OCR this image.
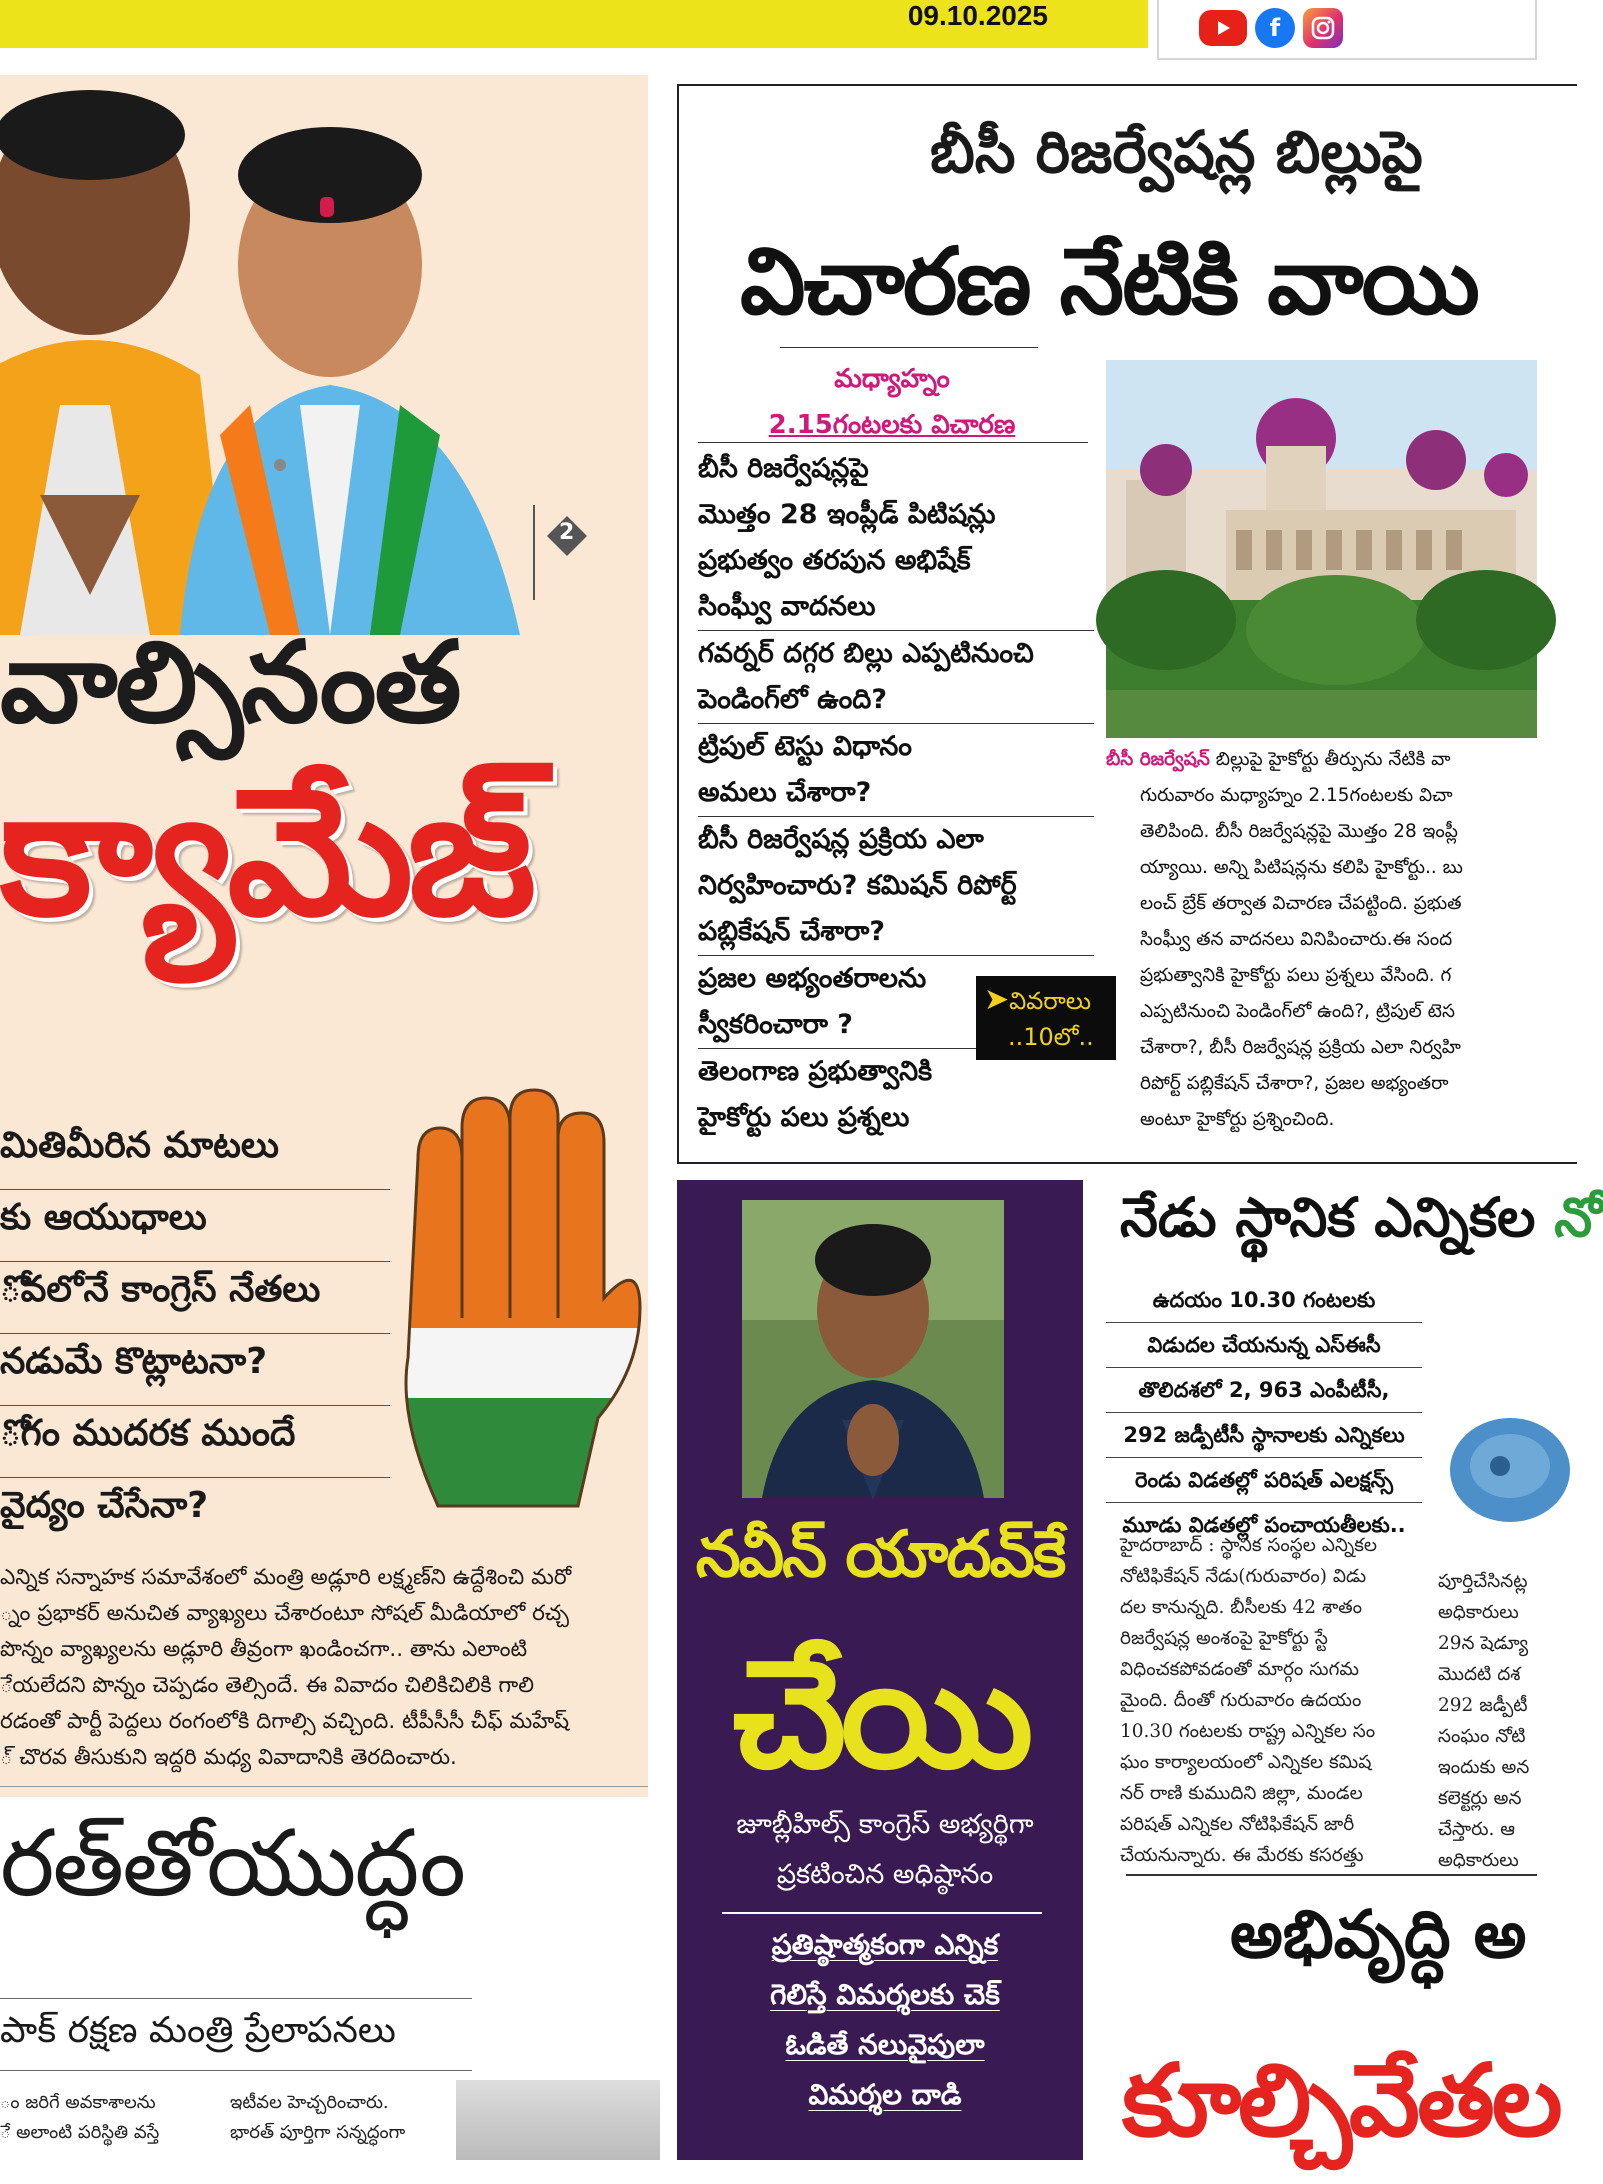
09.10.2025	f
2
వాల్సినంత
క్యామేజ్
మితిమీరిన మాటలు
కు ఆయుధాలు
ోవలోనే కాంగ్రెస్ నేతలు
నడుమే కొట్లాటనా?
ోగం ముదరక ముందే
వైద్యం చేసేనా?
ఎన్నిక సన్నాహక సమావేశంలో మంత్రి అడ్లూరి లక్ష్మణ్‌ని ఉద్దేశించి మరో
్నం ప్రభాకర్ అనుచిత వ్యాఖ్యలు చేశారంటూ సోషల్ మీడియాలో రచ్చ
పొన్నం వ్యాఖ్యలను అడ్లూరి తీవ్రంగా ఖండించగా.. తాను ఎలాంటి
ేయలేదని పొన్నం చెప్పడం తెల్సిందే. ఈ వివాదం చిలికిచిలికి గాలి
రడంతో పార్టీ పెద్దలు రంగంలోకి దిగాల్సి వచ్చింది. టీపీసీసీ చీఫ్ మహేష్
్ చొరవ తీసుకుని ఇద్దరి మధ్య వివాదానికి తెరదించారు.
రత్‌తోయుద్ధం
పాక్ రక్షణ మంత్రి ప్రేలాపనలు
ం జరిగే అవకాశాలను
ే అలాంటి పరిస్థితి వస్తే
ఇటీవల హెచ్చరించారు.
భారత్ పూర్తిగా సన్నద్ధంగా
బీసీ రిజర్వేషన్ల బిల్లుపై
విచారణ నేటికి వాయి
మధ్యాహ్నం
2.15గంటలకు విచారణ
బీసీ రిజర్వేషన్లపై
మొత్తం 28 ఇంప్లీడ్ పిటిషన్లు
ప్రభుత్వం తరపున అభిషేక్
సింఘ్వీ వాదనలు
గవర్నర్ దగ్గర బిల్లు ఎప్పటినుంచి
పెండింగ్‌లో ఉంది?
ట్రిపుల్ టెస్టు విధానం
అమలు చేశారా?
బీసీ రిజర్వేషన్ల ప్రక్రియ ఎలా
నిర్వహించారు? కమిషన్ రిపోర్ట్
పబ్లికేషన్ చేశారా?
ప్రజల అభ్యంతరాలను
స్వీకరించారా ?
తెలంగాణ ప్రభుత్వానికి
హైకోర్టు పలు ప్రశ్నలు
➤వివరాలు
..10లో..
బీసీ రిజర్వేషన్ బిల్లుపై హైకోర్టు తీర్పును నేటికి వా
గురువారం మధ్యాహ్నం 2.15గంటలకు విచా
తెలిపింది. బీసీ రిజర్వేషన్లపై మొత్తం 28 ఇంప్లీ
య్యాయి. అన్ని పిటిషన్లను కలిపి హైకోర్టు.. బు
లంచ్ బ్రేక్ తర్వాత విచారణ చేపట్టింది. ప్రభుత
సింఘ్వీ తన వాదనలు వినిపించారు.ఈ సంద
ప్రభుత్వానికి హైకోర్టు పలు ప్రశ్నలు వేసింది. గ
ఎప్పటినుంచి పెండింగ్‌లో ఉంది?, ట్రిపుల్ టెస
చేశారా?, బీసీ రిజర్వేషన్ల ప్రక్రియ ఎలా నిర్వహి
రిపోర్ట్ పబ్లికేషన్ చేశారా?, ప్రజల అభ్యంతరా
అంటూ హైకోర్టు ప్రశ్నించింది.
నవీన్ యాదవ్‌కే
చేయి
జూబ్లీహిల్స్ కాంగ్రెస్ అభ్యర్థిగా
ప్రకటించిన అధిష్ఠానం
ప్రతిష్ఠాత్మకంగా ఎన్నిక
గెలిస్తే విమర్శలకు చెక్
ఓడితే నలువైపులా
విమర్శల దాడి
నేడు స్థానిక ఎన్నికల నో
ఉదయం 10.30 గంటలకు
విడుదల చేయనున్న ఎస్ఈసీ
తొలిదశలో 2, 963 ఎంపీటీసీ,
292 జడ్పీటీసీ స్థానాలకు ఎన్నికలు
రెండు విడతల్లో పరిషత్ ఎలక్షన్స్
మూడు విడతల్లో పంచాయతీలకు..
హైదరాబాద్ : స్థానిక సంస్థల ఎన్నికల
నోటిఫికేషన్ నేడు(గురువారం) విడు
దల కానున్నది. బీసీలకు 42 శాతం
రిజర్వేషన్ల అంశంపై హైకోర్టు స్టే
విధించకపోవడంతో మార్గం సుగమ
మైంది. దీంతో గురువారం ఉదయం
10.30 గంటలకు రాష్ట్ర ఎన్నికల సం
ఘం కార్యాలయంలో ఎన్నికల కమిష
నర్ రాణి కుముదిని జిల్లా, మండల
పరిషత్ ఎన్నికల నోటిఫికేషన్ జారీ
చేయనున్నారు. ఈ మేరకు కసరత్తు
పూర్తిచేసినట్ల
అధికారులు
29న షెడ్యూ
మొదటి దశ
292 జడ్పీటీ
సంఘం నోటి
ఇందుకు అన
కలెక్టర్లు అన
చేస్తారు. ఆ
అధికారులు
అభివృద్ధి అ
కూల్చివేతల
